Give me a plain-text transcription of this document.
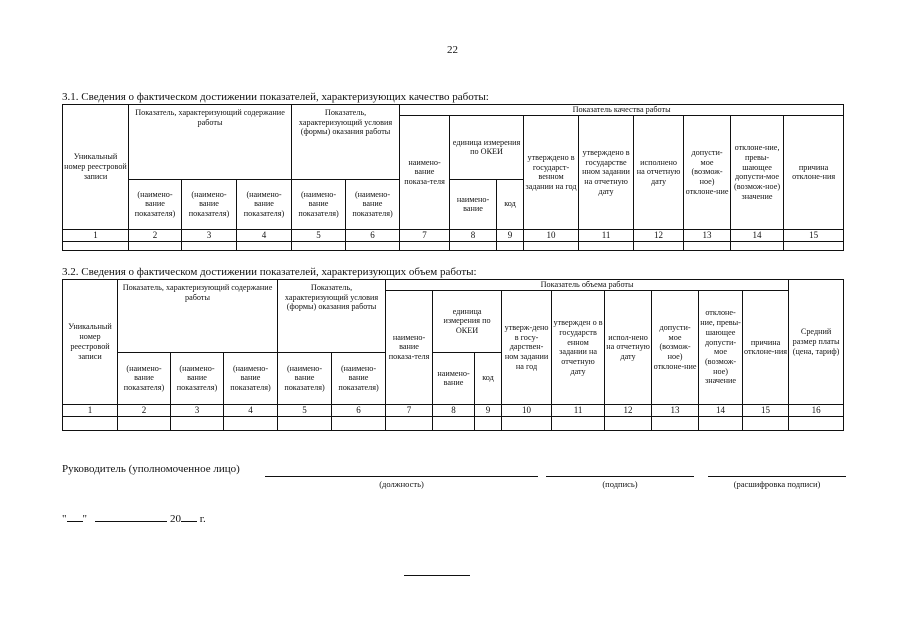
22
3.1. Сведения о фактическом достижении показателей, характеризующих качество работы:
Уникальный номер реестровой записи	Показатель, характеризующий содержание работы			Показатель, характеризующий условия (формы) оказания работы		Показатель качества работы								
						наимено-вание показа-теля	единица измерения по ОКЕИ		утверждено в государст-венном задании на год	утверждено в государстве нном задании на отчетную дату	исполнено на отчетную дату	допусти-мое (возмож-ное) отклоне-ние	отклоне-ние, превы-шающее допусти-мое (возмож-ное) значение	причина отклоне-ния
	(наимено-вание показателя)	(наимено-вание показателя)	(наимено-вание показателя)	(наимено-вание показателя)	(наимено-вание показателя)		наимено-вание	код						
1	2	3	4	5	6	7	8	9	10	11	12	13	14	15

3.2. Сведения о фактическом достижении показателей, характеризующих объем работы:
Уникальный номер реестровой записи	Показатель, характеризующий содержание работы			Показатель, характеризующий условия (формы) оказания работы		Показатель объема работы									Средний размер платы (цена, тариф)
						наимено-вание показа-теля	единица измерения по ОКЕИ		утверж-дено в госу-дарствен-ном задании на год	утвержден о в государств енном задании на отчетную дату	испол-нено на отчетную дату	допусти-мое (возмож-ное) отклоне-ние	отклоне-ние, превы-шающее допусти-мое (возмож-ное) значение	причина отклоне-ния	
	(наимено-вание показателя)	(наимено-вание показателя)	(наимено-вание показателя)	(наимено-вание показателя)	(наимено-вание показателя)		наимено-вание	код							
1	2	3	4	5	6	7	8	9	10	11	12	13	14	15	16

Руководитель (уполномоченное лицо)
(должность)	(подпись)	(расшифровка подписи)
" "	20 г.
